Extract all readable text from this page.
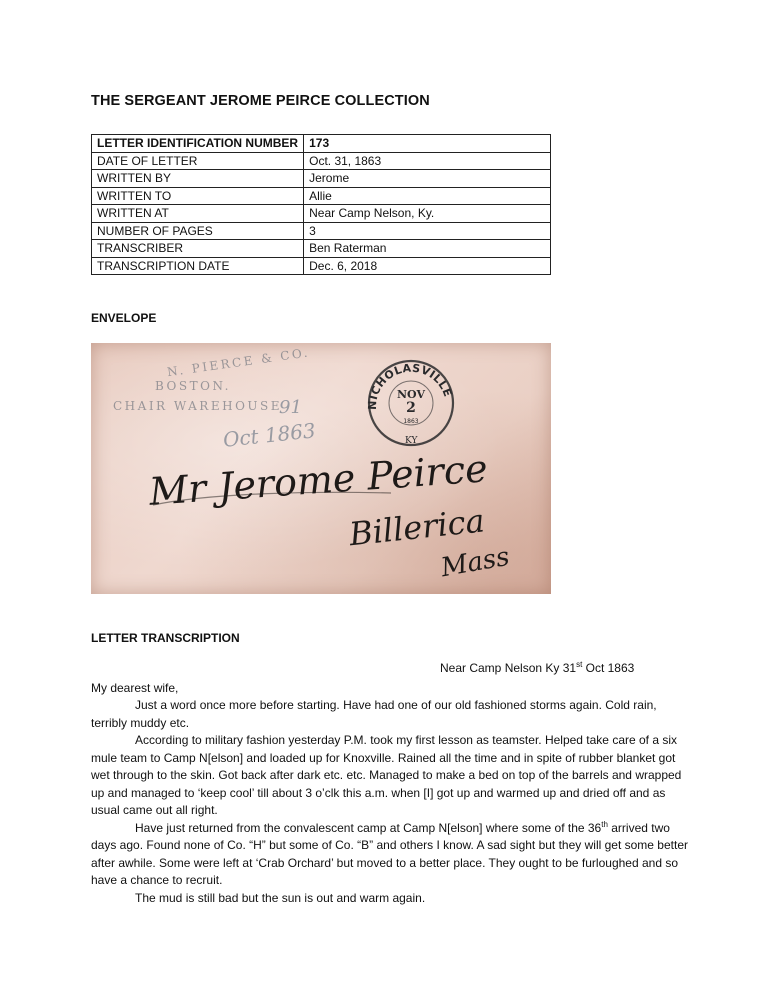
THE SERGEANT JEROME PEIRCE COLLECTION
LETTER IDENTIFICATION NUMBER	173
DATE OF LETTER	Oct. 31, 1863
WRITTEN BY	Jerome
WRITTEN TO	Allie
WRITTEN AT	Near Camp Nelson, Ky.
NUMBER OF PAGES	3
TRANSCRIBER	Ben Raterman
TRANSCRIPTION DATE	Dec. 6, 2018
ENVELOPE
N. PIERCE & CO.
BOSTON.
CHAIR WAREHOUSE
91
Oct 1863
NICHOLASVILLE
NOV
2
1863
KY
Mr Jerome Peirce
Billerica
Mass
LETTER TRANSCRIPTION
Near Camp Nelson Ky 31st Oct 1863

My dearest wife,

Just a word once more before starting. Have had one of our old fashioned storms again. Cold rain, terribly muddy etc.

According to military fashion yesterday P.M. took my first lesson as teamster. Helped take care of a six mule team to Camp N[elson] and loaded up for Knoxville. Rained all the time and in spite of rubber blanket got wet through to the skin. Got back after dark etc. etc. Managed to make a bed on top of the barrels and wrapped up and managed to ‘keep cool’ till about 3 o’clk this a.m. when [I] got up and warmed up and dried off and as usual came out all right.

Have just returned from the convalescent camp at Camp N[elson] where some of the 36th arrived two days ago. Found none of Co. “H” but some of Co. “B” and others I know. A sad sight but they will get some better after awhile. Some were left at ‘Crab Orchard’ but moved to a better place. They ought to be furloughed and so have a chance to recruit.

The mud is still bad but the sun is out and warm again.
